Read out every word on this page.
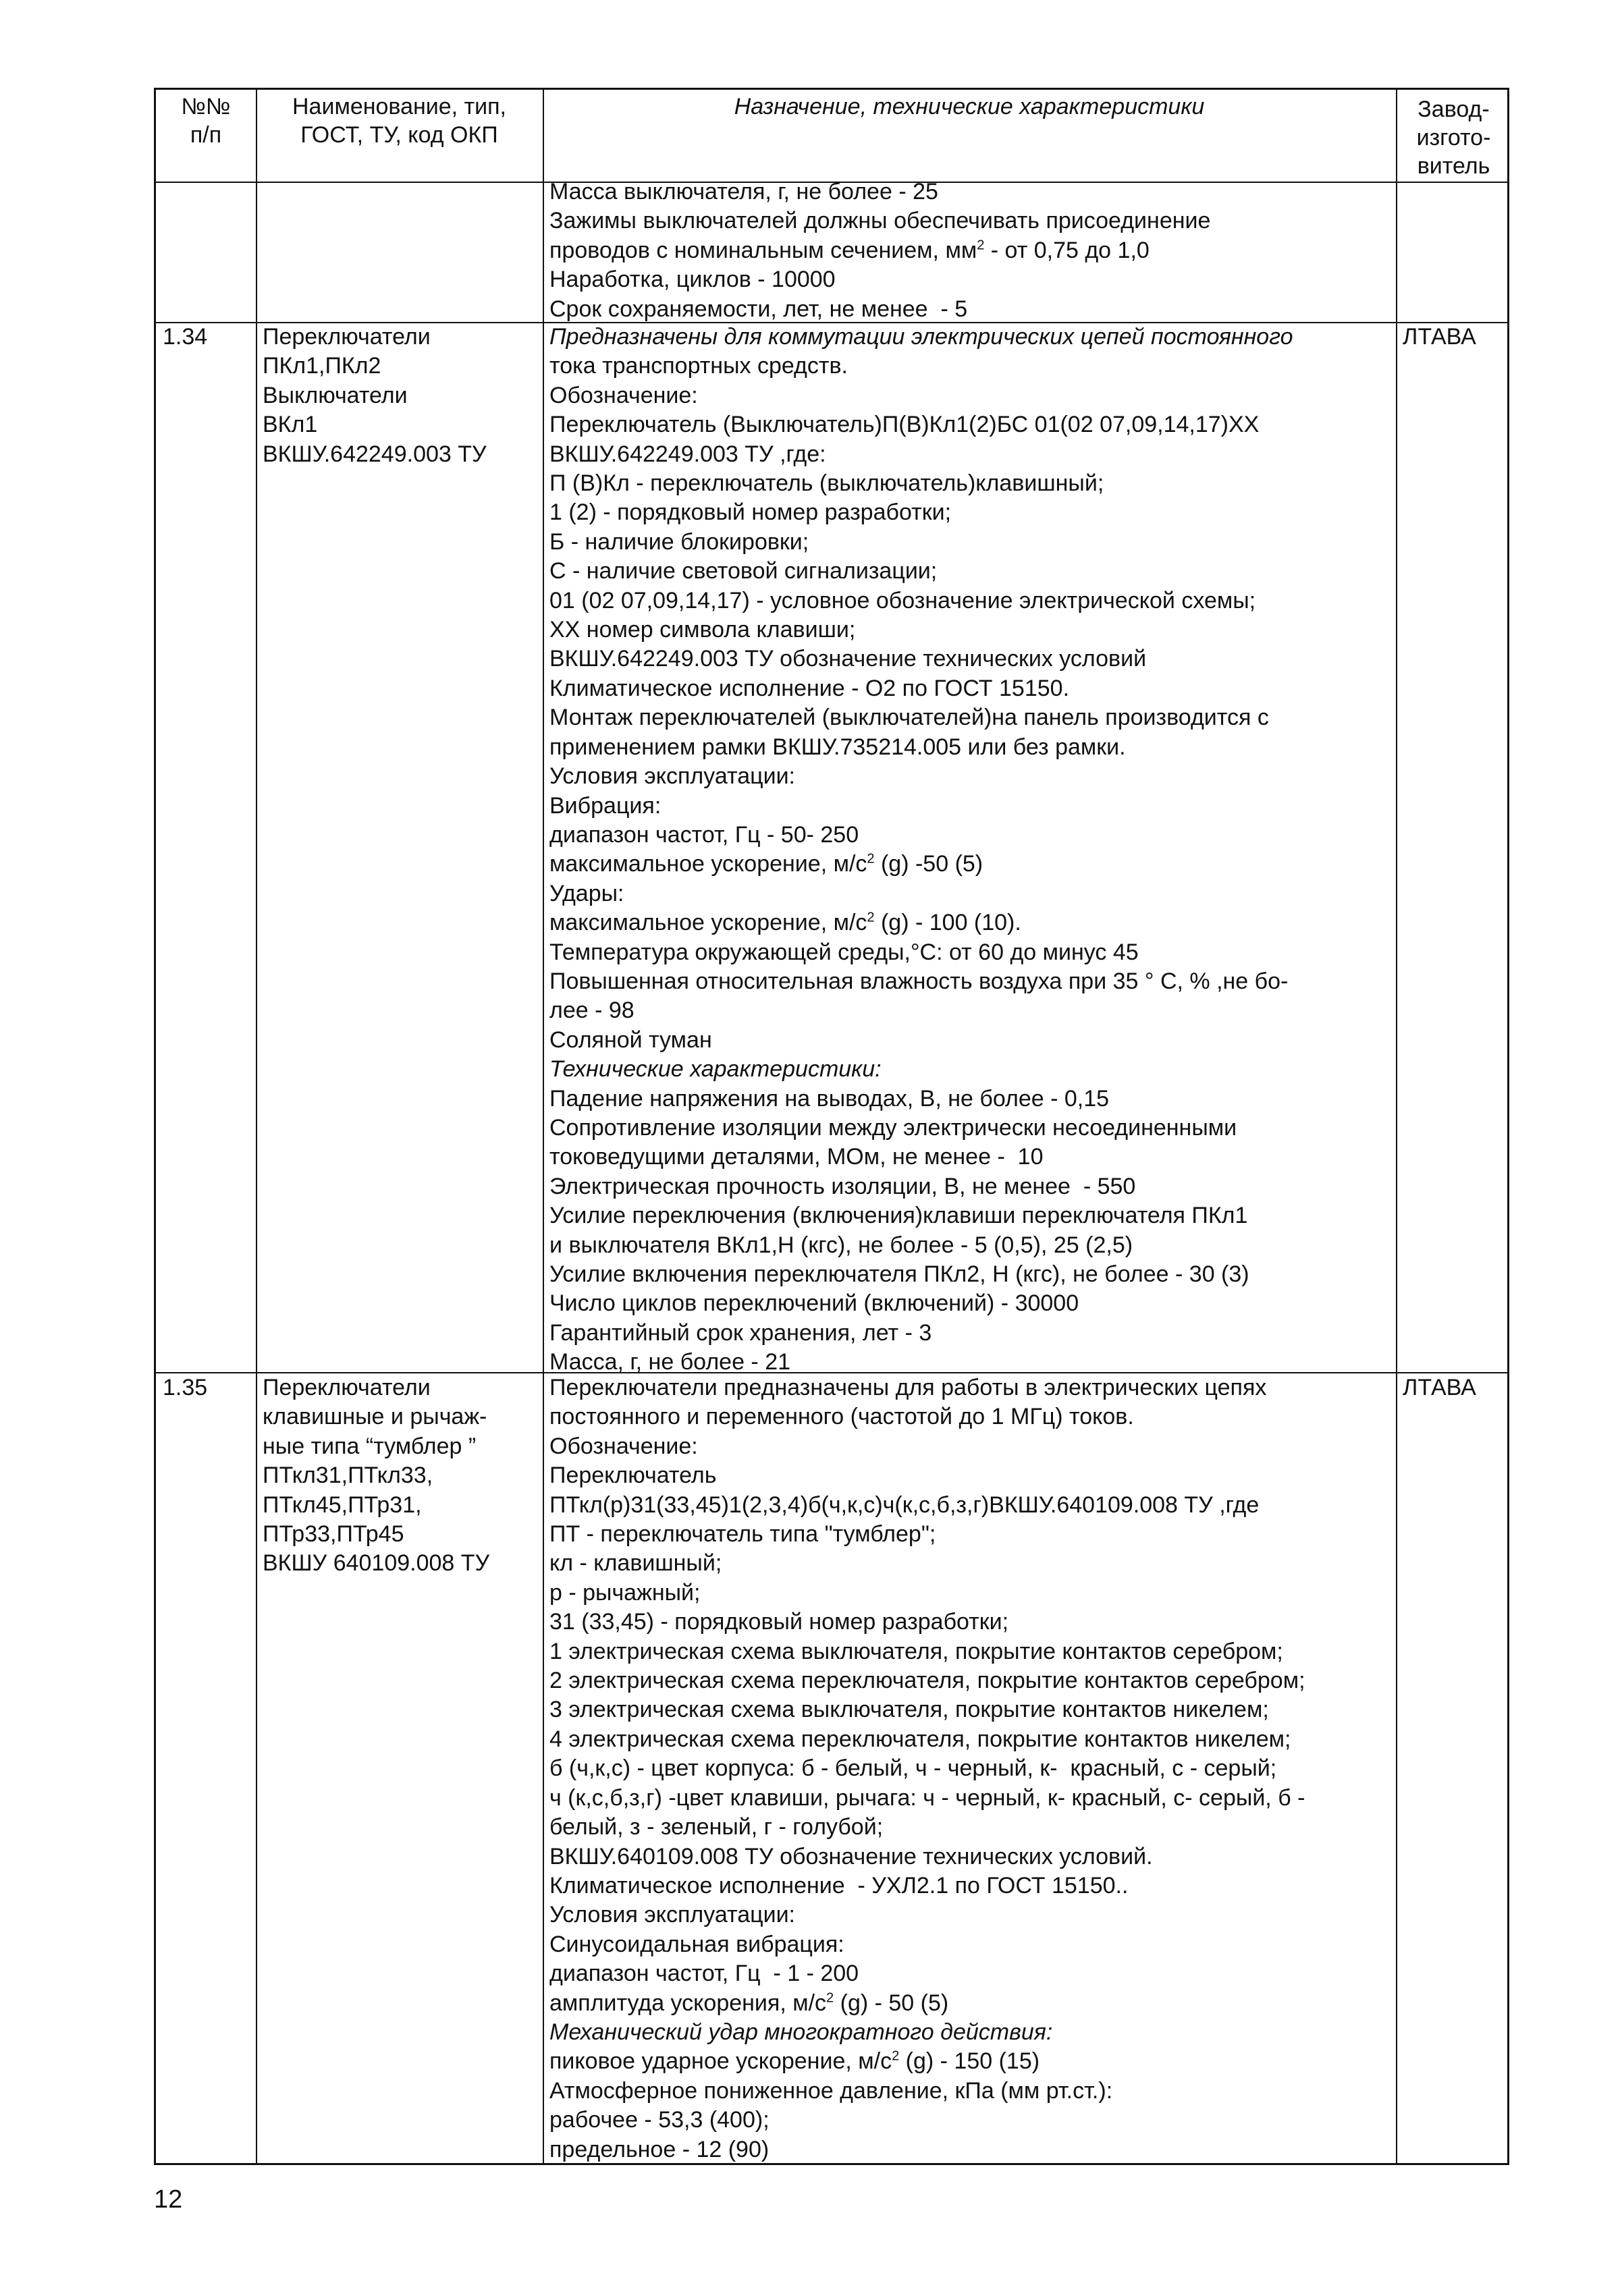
№№
п/п
Наименование, тип,
ГОСТ, ТУ, код ОКП
Назначение, технические характеристики	Завод-
изгото-
витель
Масса выключателя, г, не более - 25
Зажимы выключателей должны обеспечивать присоединение
проводов с номинальным сечением, $мм^2$ - от 0,75 до 1,0
Наработка, циклов - 10000
Срок сохраняемости, лет, не менее  - 5
1.34 Переключатели
ПКл1,ПКл2
Выключатели
ВКл1
ВКШУ.642249.003 ТУ
Предназначены для коммутации электрических цепей постоянного
тока транспортных средств.
Обозначение:
Переключатель (Выключатель)П(В)Кл1(2)БС 01(02 07,09,14,17)ХХ
ВКШУ.642249.003 ТУ ,где:
П (В)Кл - переключатель (выключатель)клавишный;
1 (2) - порядковый номер разработки;
Б - наличие блокировки;
С - наличие световой сигнализации;
01 (02 07,09,14,17) - условное обозначение электрической схемы;
ХХ номер символа клавиши;
ВКШУ.642249.003 ТУ обозначение технических условий
Климатическое исполнение - О2 по ГОСТ 15150.
Монтаж переключателей (выключателей)на панель производится с
применением рамки ВКШУ.735214.005 или без рамки.
Условия эксплуатации:
Вибрация:
диапазон частот, Гц - 50- 250
максимальное ускорение, $м/с^2$ (g) -50 (5)
Удары:
максимальное ускорение, $м/с^2$ (g) - 100 (10).
Температура окружающей среды,°С: от 60 до минус 45
Повышенная относительная влажность воздуха при 35 ° С, % ,не бо-
лее - 98
Соляной туман
Технические характеристики:
Падение напряжения на выводах, В, не более - 0,15
Сопротивление изоляции между электрически несоединенными
токоведущими деталями, МОм, не менее -  10
Электрическая прочность изоляции, В, не менее  - 550
Усилие переключения (включения)клавиши переключателя ПКл1
и выключателя ВКл1,Н (кгс), не более - 5 (0,5), 25 (2,5)
Усилие включения переключателя ПКл2, Н (кгс), не более - 30 (3)
Число циклов переключений (включений) - 30000
Гарантийный срок хранения, лет - 3
Масса, г, не более - 21
ЛТАВА
1.35 Переключатели
клавишные и рычаж-
ные типа “тумблер ”
ПТкл31,ПТкл33,
ПТкл45,ПТр31,
ПТр33,ПТр45
ВКШУ 640109.008 ТУ
Переключатели предназначены для работы в электрических цепях
постоянного и переменного (частотой до 1 МГц) токов.
Обозначение:
Переключатель
ПТкл(р)31(33,45)1(2,3,4)б(ч,к,с)ч(к,с,б,з,г)ВКШУ.640109.008 ТУ ,где
ПТ - переключатель типа "тумблер";
кл - клавишный;
р - рычажный;
31 (33,45) - порядковый номер разработки;
1 электрическая схема выключателя, покрытие контактов серебром;
2 электрическая схема переключателя, покрытие контактов серебром;
3 электрическая схема выключателя, покрытие контактов никелем;
4 электрическая схема переключателя, покрытие контактов никелем;
б (ч,к,с) - цвет корпуса: б - белый, ч - черный, к-  красный, с - серый;
ч (к,с,б,з,г) -цвет клавиши, рычага: ч - черный, к- красный, с- серый, б -
белый, з - зеленый, г - голубой;
ВКШУ.640109.008 ТУ обозначение технических условий.
Климатическое исполнение  - УХЛ2.1 по ГОСТ 15150..
Условия эксплуатации:
Синусоидальная вибрация:
диапазон частот, Гц  - 1 - 200
амплитуда ускорения, $м/с^2$ (g) - 50 (5)
Механический удар многократного действия:
пиковое ударное ускорение, $м/с^2$ (g) - 150 (15)
Атмосферное пониженное давление, кПа (мм рт.ст.):
рабочее - 53,3 (400);
предельное - 12 (90)
ЛТАВА
12
